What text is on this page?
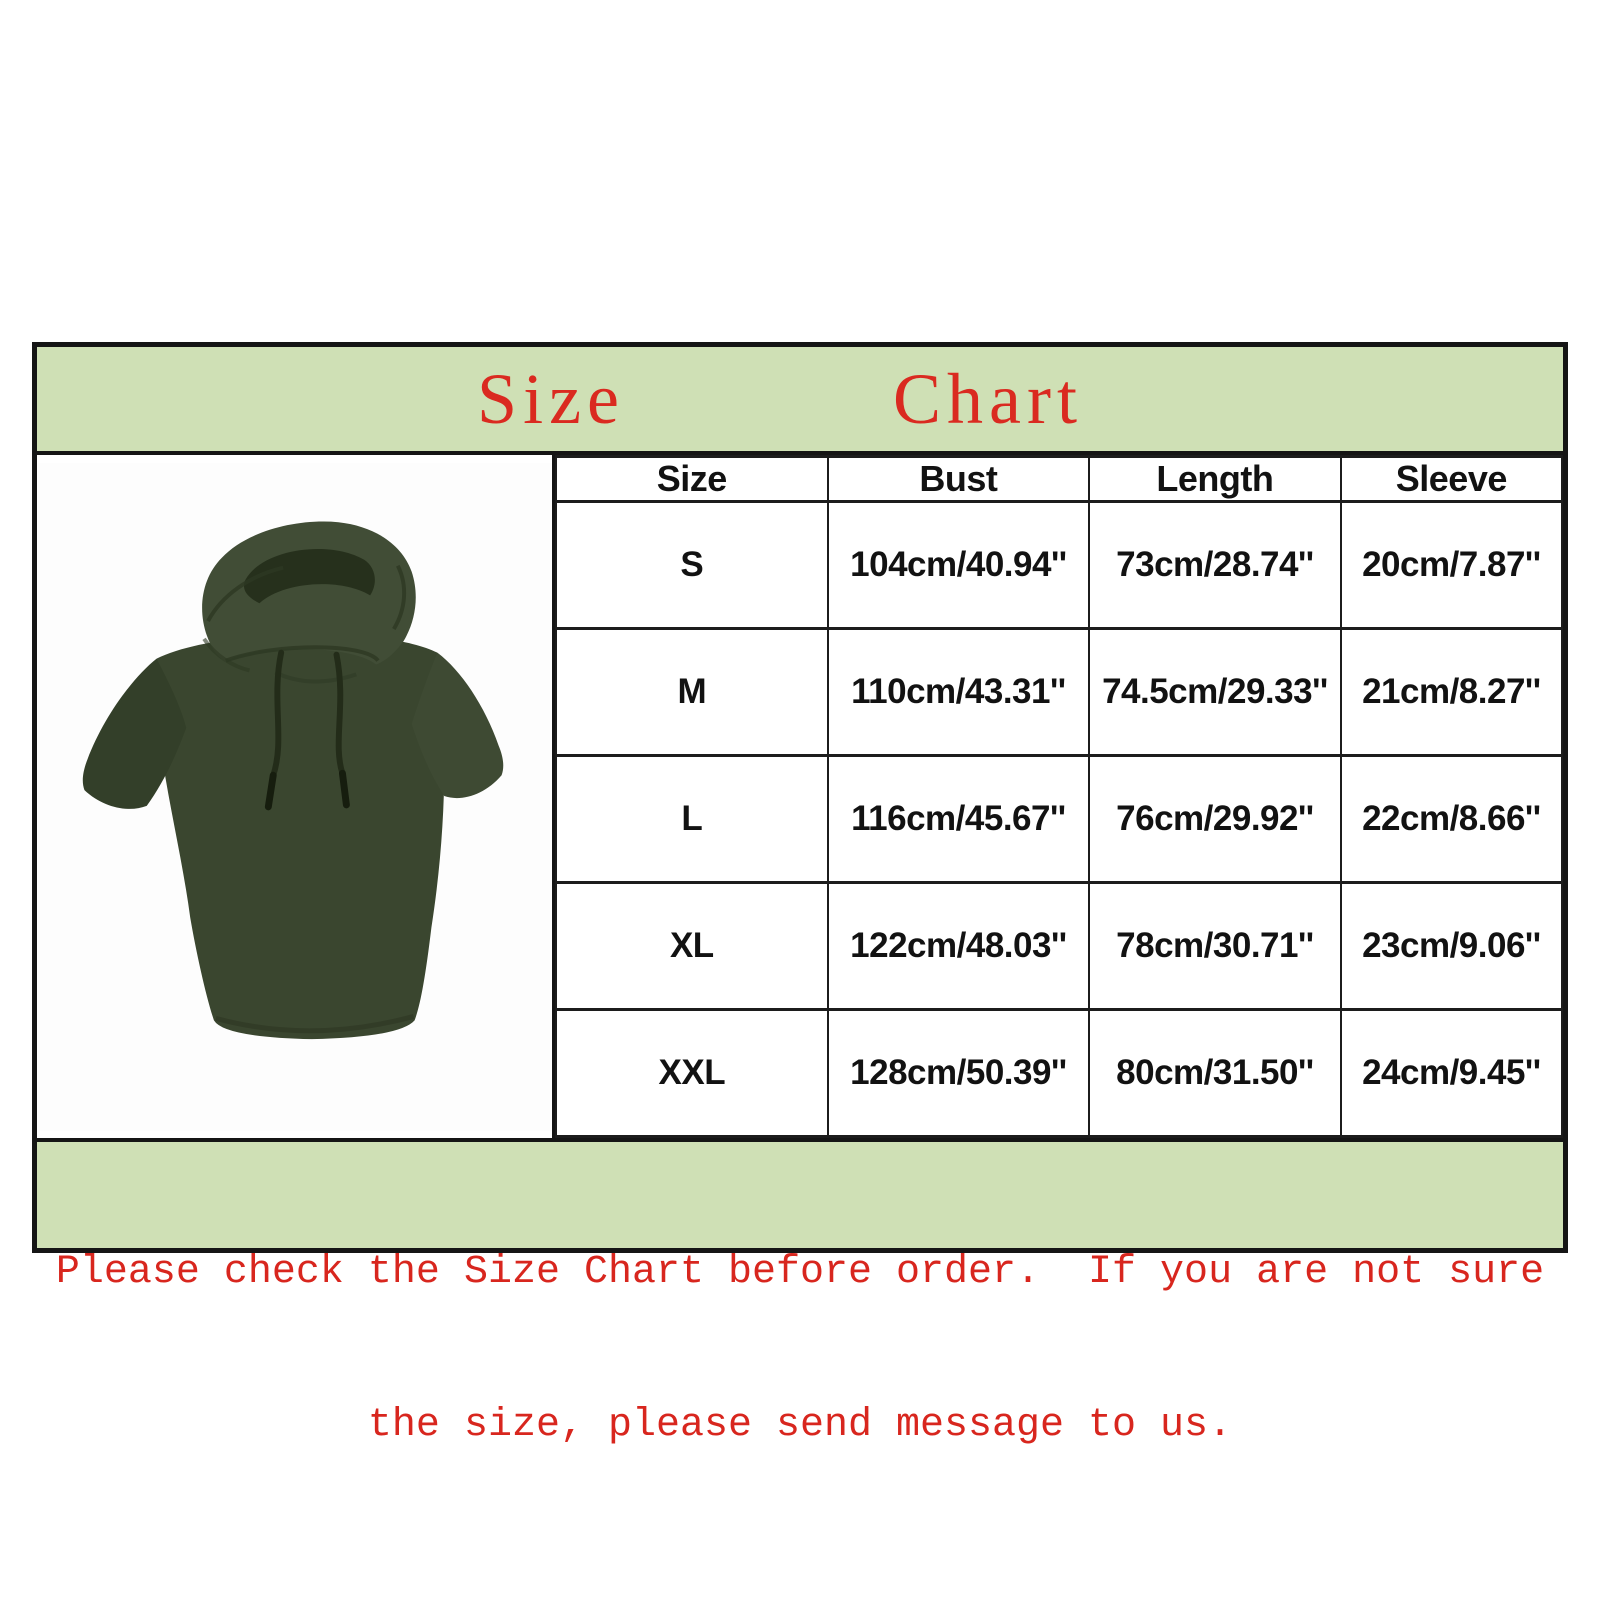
Size	Chart
Size	Bust	Length	Sleeve
S	104cm/40.94''	73cm/28.74''	20cm/7.87''
M	110cm/43.31''	74.5cm/29.33''	21cm/8.27''
L	116cm/45.67''	76cm/29.92''	22cm/8.66''
XL	122cm/48.03''	78cm/30.71''	23cm/9.06''
XXL	128cm/50.39''	80cm/31.50''	24cm/9.45''

Please check the Size Chart before order.  If you are not sure

the size, please send message to us.
